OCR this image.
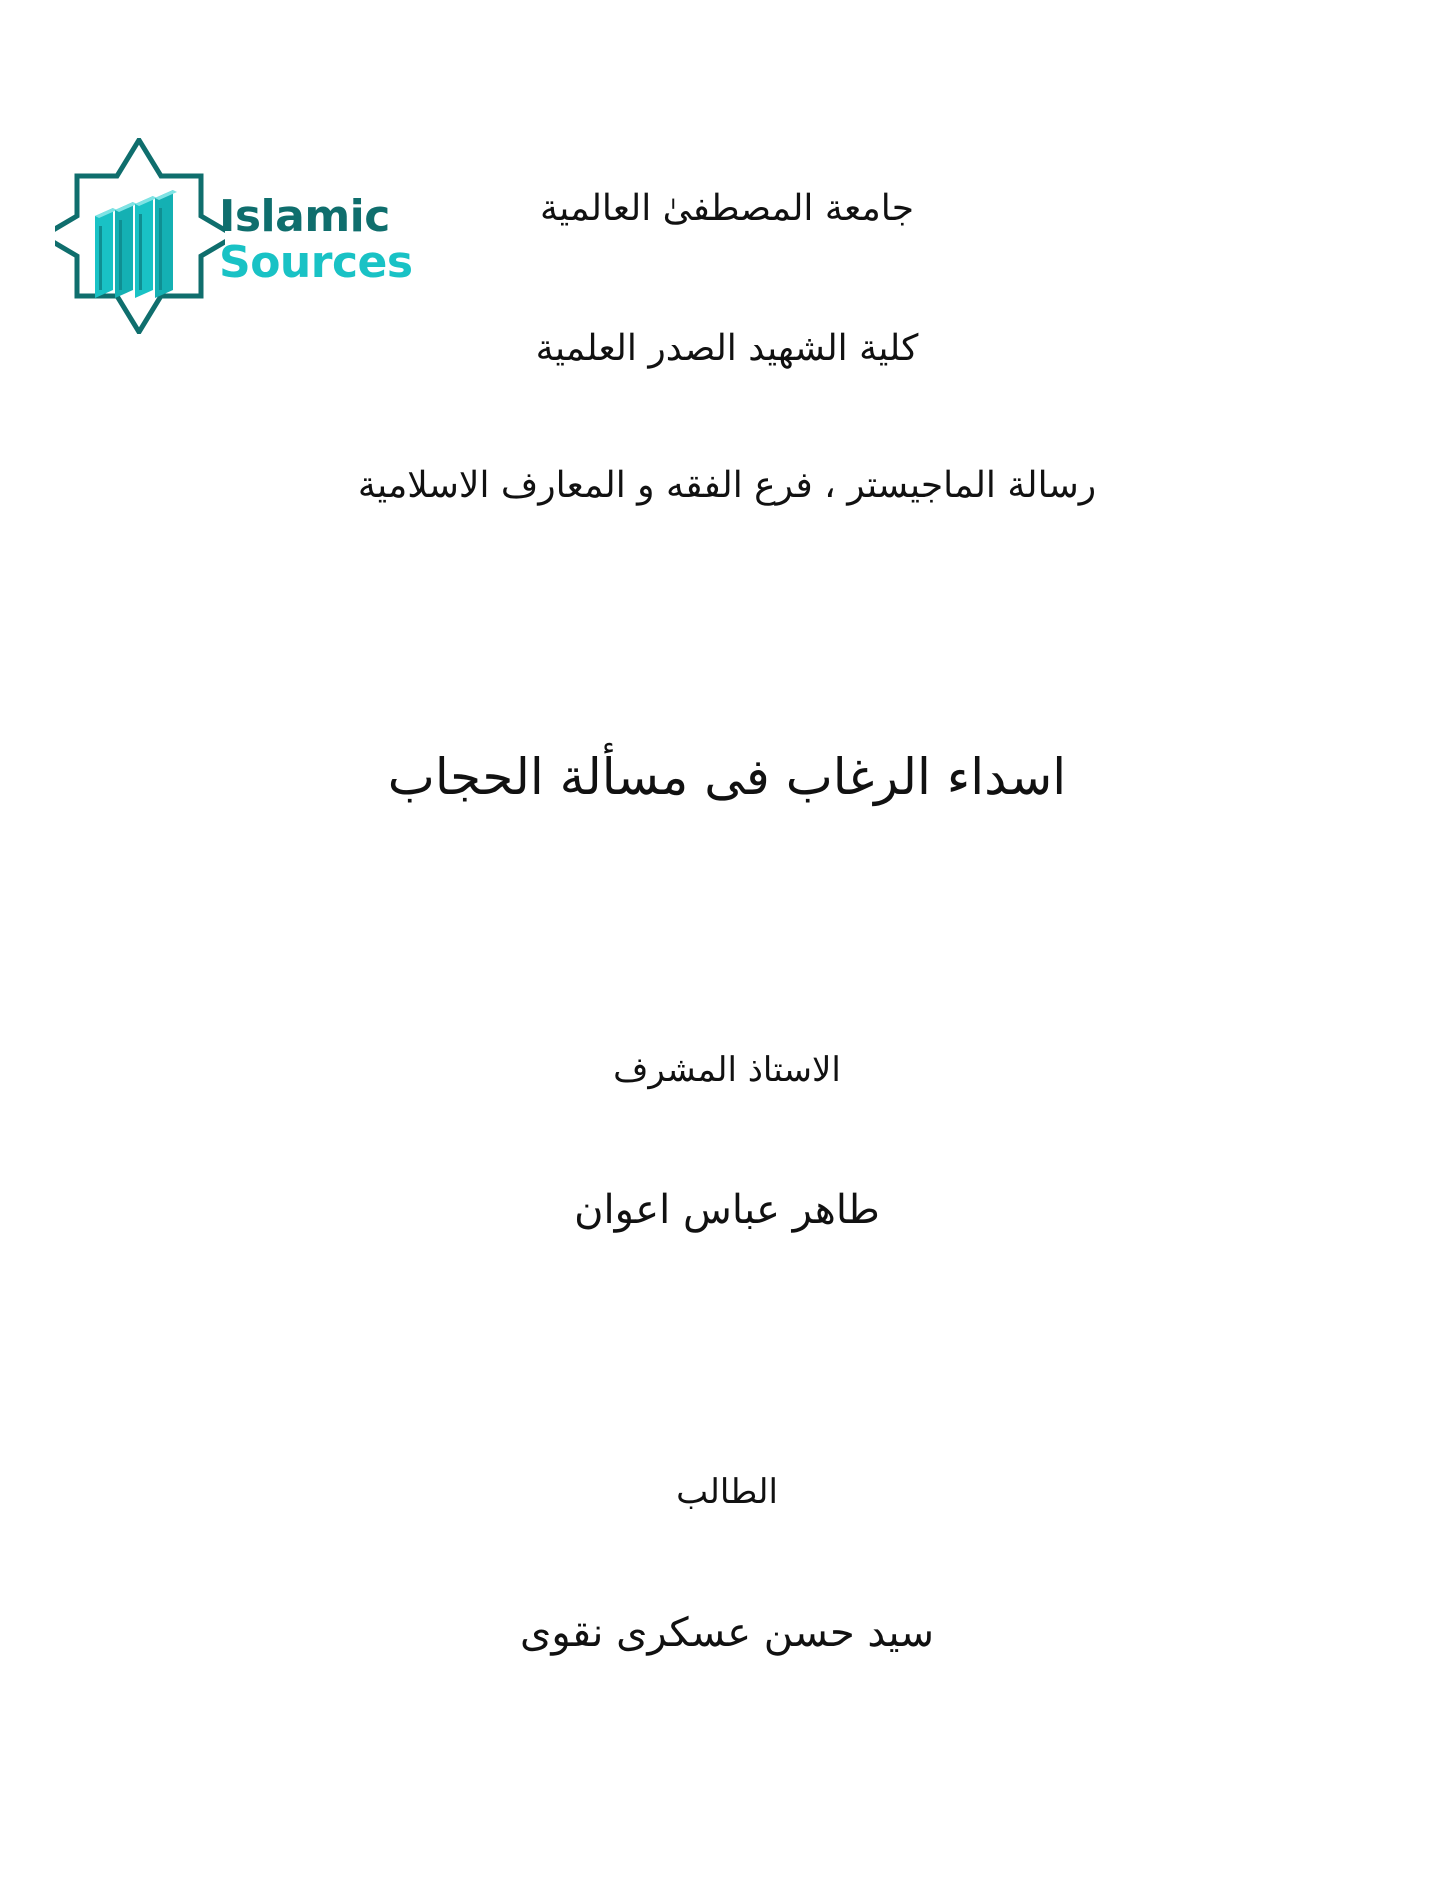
Islamic
Sources
جامعة المصطفیٰ العالمیة
کلیة الشهید الصدر العلمیة
رسالة الماجیستر ، فرع الفقه و المعارف الاسلامیة
اسداء الرغاب فی مسألة الحجاب
الاستاذ المشرف
طاهر عباس اعوان
الطالب
سید حسن عسکری نقوی
